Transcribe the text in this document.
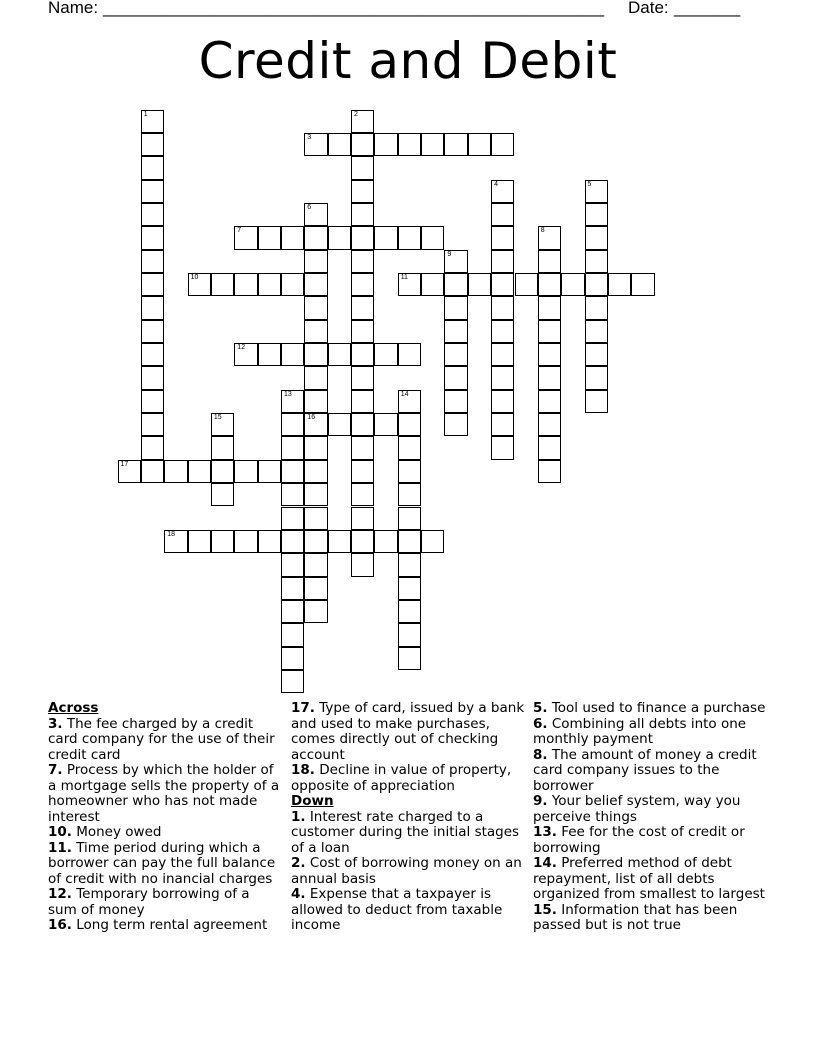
Name: _____________________________________________________ Date: _______
Credit and Debit
1	2
3
4	5
6
16
7	8
9
10	11
12
13	14
15
17
18
Across
3. The fee charged by a credit card company for the use of their credit card
7. Process by which the holder of a mortgage sells the property of a homeowner who has not made interest
10. Money owed
11. Time period during which a borrower can pay the full balance of credit with no inancial charges
12. Temporary borrowing of a sum of money
16. Long term rental agreement
17. Type of card, issued by a bank and used to make purchases, comes directly out of checking account
18. Decline in value of property, opposite of appreciation
Down
1. Interest rate charged to a customer during the initial stages of a loan
2. Cost of borrowing money on an annual basis
4. Expense that a taxpayer is allowed to deduct from taxable income
5. Tool used to finance a purchase
6. Combining all debts into one monthly payment
8. The amount of money a credit card company issues to the borrower
9. Your belief system, way you perceive things
13. Fee for the cost of credit or borrowing
14. Preferred method of debt repayment, list of all debts organized from smallest to largest
15. Information that has been passed but is not true
